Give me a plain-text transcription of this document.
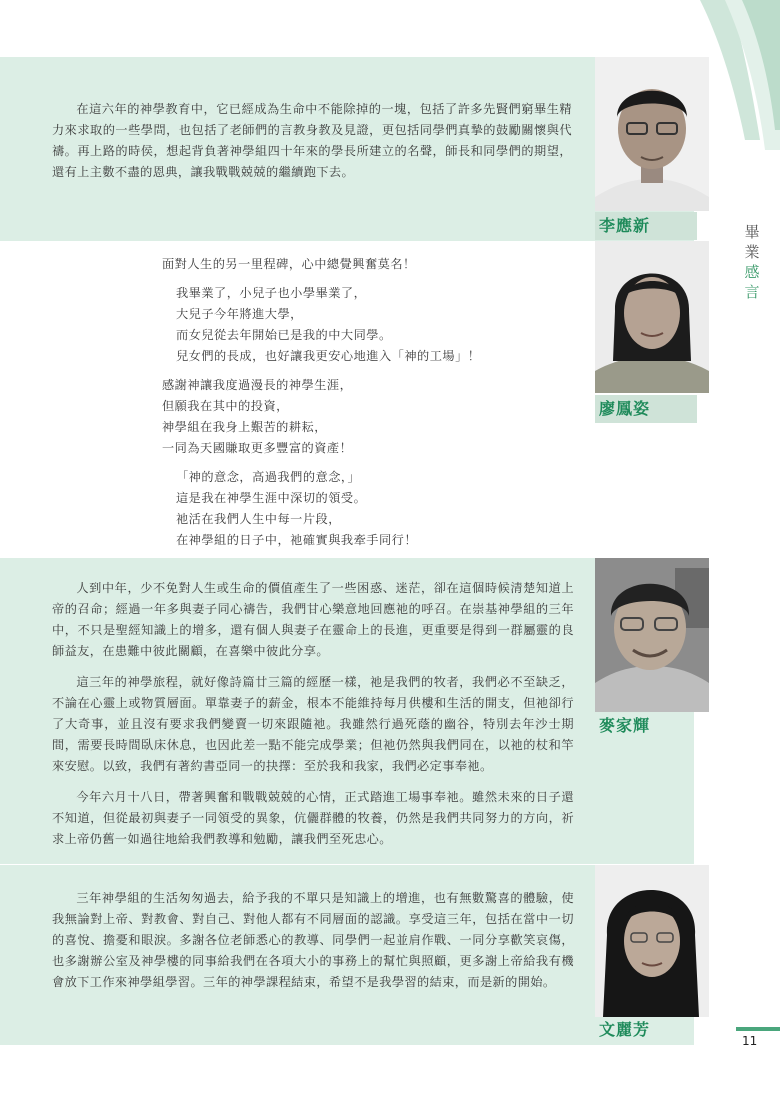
在這六年的神學教育中，它已經成為生命中不能除掉的一塊，包括了許多先賢們窮畢生精力來求取的一些學問，也包括了老師們的言教身教及見證，更包括同學們真摯的鼓勵關懷與代禱。再上路的時侯，想起背負著神學組四十年來的學長所建立的名聲，師長和同學們的期望，還有上主數不盡的恩典，讓我戰戰兢兢的繼續跑下去。

李應新
面對人生的另一里程碑，心中總覺興奮莫名！
我畢業了，小兒子也小學畢業了，
大兒子今年將進大學，
而女兒從去年開始已是我的中大同學。
兒女們的長成，也好讓我更安心地進入「神的工場」！
感謝神讓我度過漫長的神學生涯，
但願我在其中的投資，
神學組在我身上艱苦的耕耘，
一同為天國賺取更多豐富的資產！
「神的意念，高過我們的意念，」
這是我在神學生涯中深切的領受。
祂活在我們人生中每一片段，
在神學組的日子中，祂確實與我牽手同行！
廖鳳姿

人到中年，少不免對人生或生命的價值產生了一些困惑、迷茫，卻在這個時候清楚知道上帝的召命；經過一年多與妻子同心禱告，我們甘心樂意地回應祂的呼召。在崇基神學組的三年中，不只是聖經知識上的增多，還有個人與妻子在靈命上的長進，更重要是得到一群屬靈的良師益友，在患難中彼此關顧，在喜樂中彼此分享。

這三年的神學旅程，就好像詩篇廿三篇的經歷一樣，祂是我們的牧者，我們必不至缺乏，不論在心靈上或物質層面。單靠妻子的薪金，根本不能維持每月供樓和生活的開支，但祂卻行了大奇事，並且沒有要求我們變賣一切來跟隨祂。我雖然行過死蔭的幽谷，特別去年沙士期間，需要長時間臥床休息，也因此差一點不能完成學業；但祂仍然與我們同在，以祂的杖和竿來安慰。以致，我們有著約書亞同一的抉擇：至於我和我家，我們必定事奉祂。

今年六月十八日，帶著興奮和戰戰兢兢的心情，正式踏進工場事奉祂。雖然未來的日子還不知道，但從最初與妻子一同領受的異象，伉儷群體的牧養，仍然是我們共同努力的方向，祈求上帝仍舊一如過往地給我們教導和勉勵，讓我們至死忠心。

麥家輝

三年神學組的生活匆匆過去，給予我的不單只是知識上的增進，也有無數驚喜的體驗，使我無論對上帝、對教會、對自己、對他人都有不同層面的認識。享受這三年，包括在當中一切的喜悅、擔憂和眼淚。多謝各位老師悉心的教導、同學們一起並肩作戰、一同分享歡笑哀傷，也多謝辦公室及神學樓的同事給我們在各項大小的事務上的幫忙與照顧，更多謝上帝給我有機會放下工作來神學組學習。三年的神學課程結束，希望不是我學習的結束，而是新的開始。

文麗芳
畢
業
感
言
11
